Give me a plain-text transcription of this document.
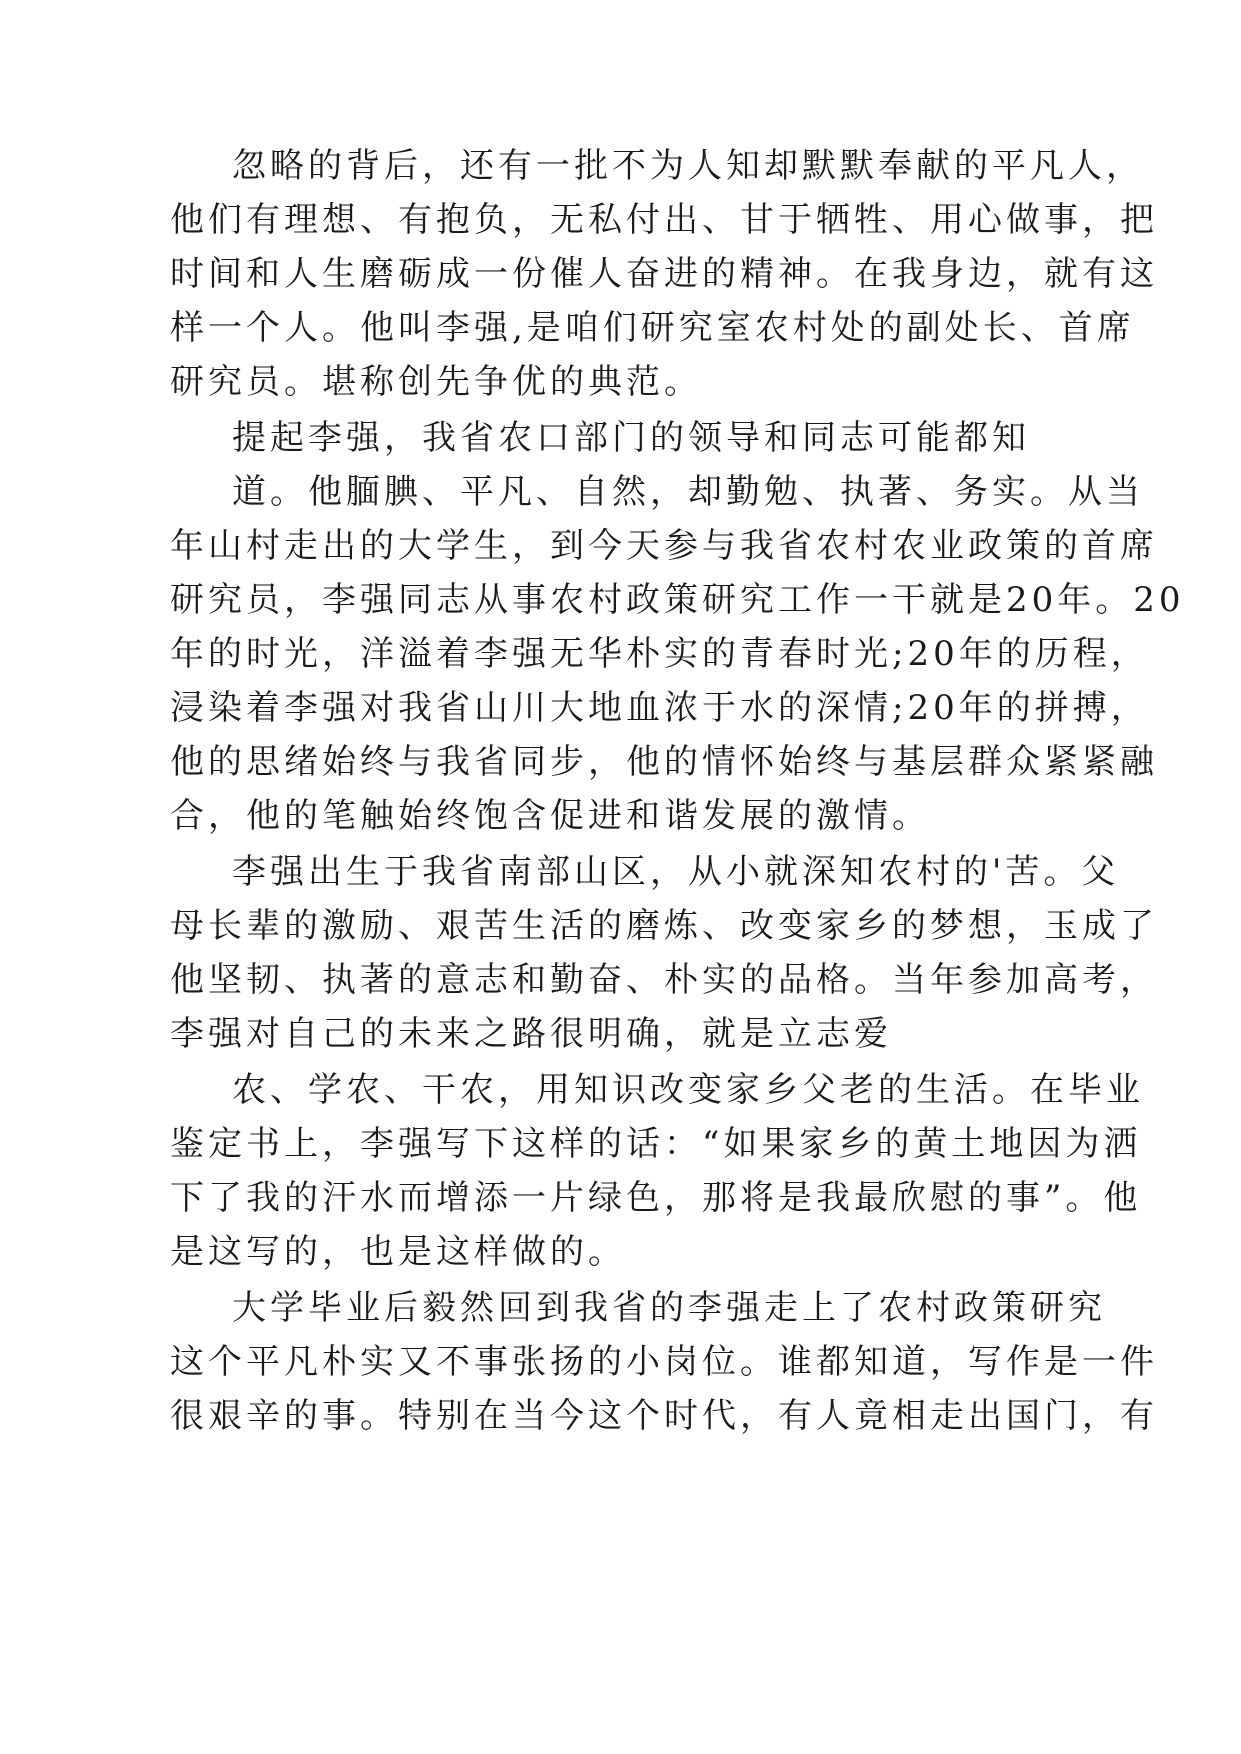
忽略的背后，还有一批不为人知却默默奉献的平凡人，
他们有理想、有抱负，无私付出、甘于牺牲、用心做事，把
时间和人生磨砺成一份催人奋进的精神。在我身边，就有这
样一个人。他叫李强,是咱们研究室农村处的副处长、首席
研究员。堪称创先争优的典范。
提起李强，我省农口部门的领导和同志可能都知
道。他腼腆、平凡、自然，却勤勉、执著、务实。从当
年山村走出的大学生，到今天参与我省农村农业政策的首席
研究员，李强同志从事农村政策研究工作一干就是20年。20
年的时光，洋溢着李强无华朴实的青春时光;20年的历程，
浸染着李强对我省山川大地血浓于水的深情;20年的拼搏，
他的思绪始终与我省同步，他的情怀始终与基层群众紧紧融
合，他的笔触始终饱含促进和谐发展的激情。
李强出生于我省南部山区，从小就深知农村的'苦。父
母长辈的激励、艰苦生活的磨炼、改变家乡的梦想，玉成了
他坚韧、执著的意志和勤奋、朴实的品格。当年参加高考，
李强对自己的未来之路很明确，就是立志爱
农、学农、干农，用知识改变家乡父老的生活。在毕业
鉴定书上，李强写下这样的话：“如果家乡的黄土地因为洒
下了我的汗水而增添一片绿色，那将是我最欣慰的事”。他
是这写的，也是这样做的。
大学毕业后毅然回到我省的李强走上了农村政策研究
这个平凡朴实又不事张扬的小岗位。谁都知道，写作是一件
很艰辛的事。特别在当今这个时代，有人竟相走出国门，有
